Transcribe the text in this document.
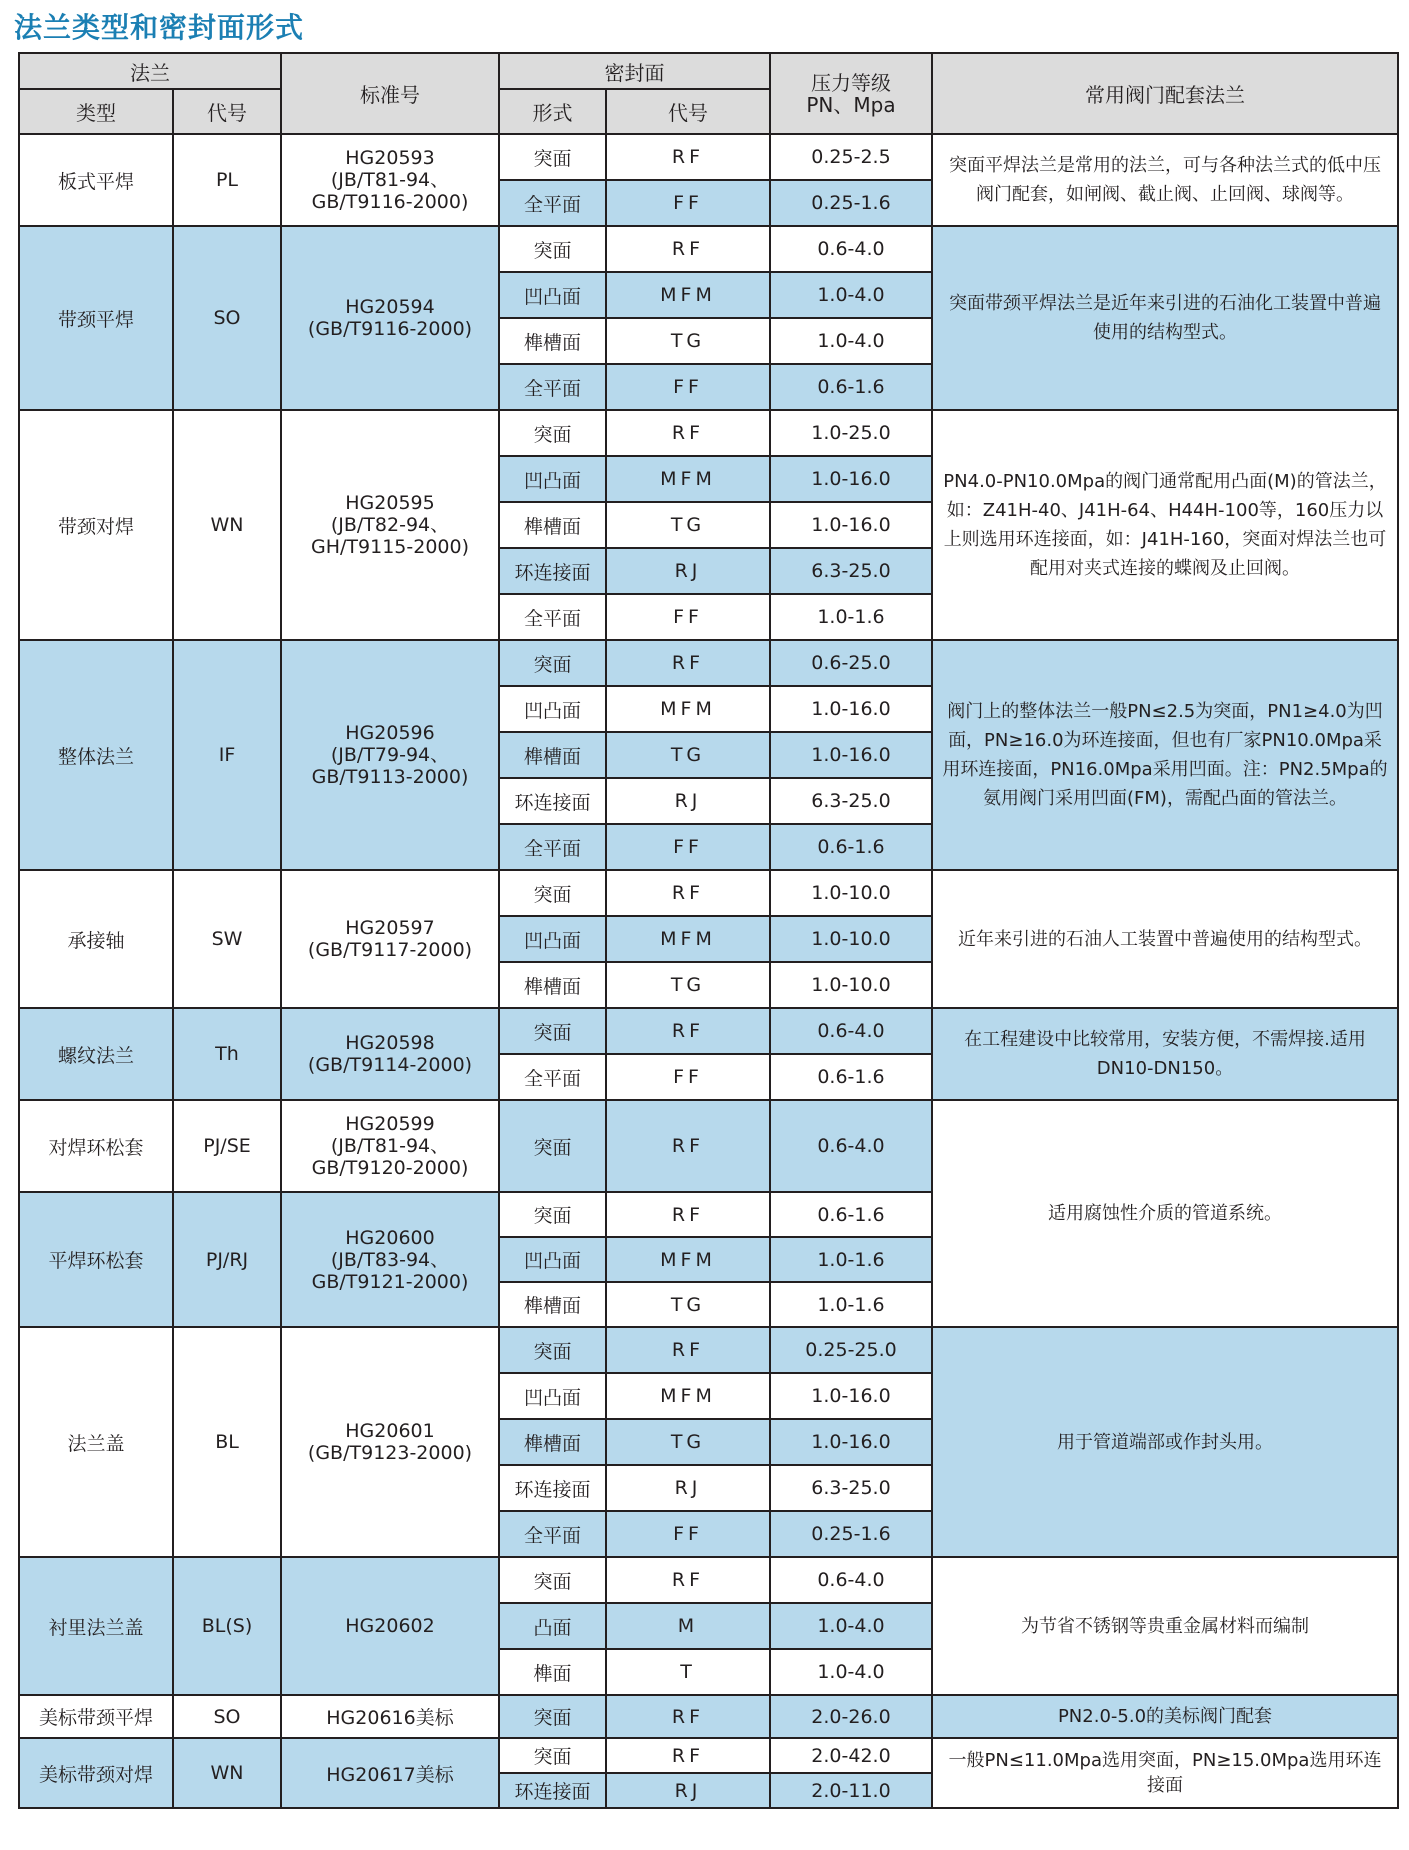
法兰类型和密封面形式
法兰		标准号	密封面		压力等级
PN、Mpa	常用阀门配套法兰
类型	代号		形式	代号		
板式平焊	PL	HG20593
(JB/T81-94、
GB/T9116-2000)	突面	RF	0.25-2.5	突面平焊法兰是常用的法兰，可与各种法兰式的低中压阀门配套，如闸阀、截止阀、止回阀、球阀等。
			全平面	FF	0.25-1.6	
带颈平焊	SO	HG20594
(GB/T9116-2000)	突面	RF	0.6-4.0	突面带颈平焊法兰是近年来引进的石油化工装置中普遍使用的结构型式。
			凹凸面	MFM	1.0-4.0	
			榫槽面	TG	1.0-4.0	
			全平面	FF	0.6-1.6	
带颈对焊	WN	HG20595
(JB/T82-94、
GH/T9115-2000)	突面	RF	1.0-25.0	PN4.0-PN10.0Mpa的阀门通常配用凸面(M)的管法兰，如：Z41H-40、J41H-64、H44H-100等，160压力以上则选用环连接面，如：J41H-160，突面对焊法兰也可配用对夹式连接的蝶阀及止回阀。
			凹凸面	MFM	1.0-16.0	
			榫槽面	TG	1.0-16.0	
			环连接面	RJ	6.3-25.0	
			全平面	FF	1.0-1.6	
整体法兰	IF	HG20596
(JB/T79-94、
GB/T9113-2000)	突面	RF	0.6-25.0	阀门上的整体法兰一般PN≤2.5为突面，PN1≥4.0为凹面，PN≥16.0为环连接面，但也有厂家PN10.0Mpa采用环连接面，PN16.0Mpa采用凹面。注：PN2.5Mpa的氨用阀门采用凹面(FM)，需配凸面的管法兰。
			凹凸面	MFM	1.0-16.0	
			榫槽面	TG	1.0-16.0	
			环连接面	RJ	6.3-25.0	
			全平面	FF	0.6-1.6	
承接轴	SW	HG20597
(GB/T9117-2000)	突面	RF	1.0-10.0	近年来引进的石油人工装置中普遍使用的结构型式。
			凹凸面	MFM	1.0-10.0	
			榫槽面	TG	1.0-10.0	
螺纹法兰	Th	HG20598
(GB/T9114-2000)	突面	RF	0.6-4.0	在工程建设中比较常用，安装方便，不需焊接.适用DN10-DN150。
			全平面	FF	0.6-1.6	
对焊环松套	PJ/SE	HG20599
(JB/T81-94、
GB/T9120-2000)	突面	RF	0.6-4.0	适用腐蚀性介质的管道系统。
平焊环松套	PJ/RJ	HG20600
(JB/T83-94、
GB/T9121-2000)	突面	RF	0.6-1.6	
			凹凸面	MFM	1.0-1.6	
			榫槽面	TG	1.0-1.6	
法兰盖	BL	HG20601
(GB/T9123-2000)	突面	RF	0.25-25.0	用于管道端部或作封头用。
			凹凸面	MFM	1.0-16.0	
			榫槽面	TG	1.0-16.0	
			环连接面	RJ	6.3-25.0	
			全平面	FF	0.25-1.6	
衬里法兰盖	BL(S)	HG20602	突面	RF	0.6-4.0	为节省不锈钢等贵重金属材料而编制
			凸面	M	1.0-4.0	
			榫面	T	1.0-4.0	
美标带颈平焊	SO	HG20616美标	突面	RF	2.0-26.0	PN2.0-5.0的美标阀门配套
美标带颈对焊	WN	HG20617美标	突面	RF	2.0-42.0	一般PN≤11.0Mpa选用突面，PN≥15.0Mpa选用环连接面
			环连接面	RJ	2.0-11.0	
